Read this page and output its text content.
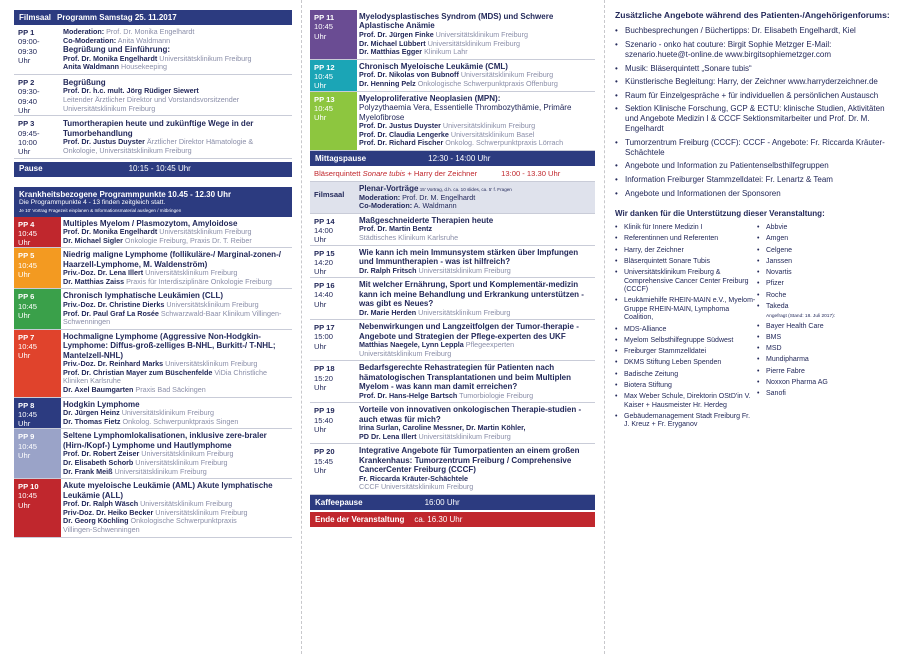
Filmsaal Programm Samstag 25. 11.2017
PP 1
09:00-
09:30
Uhr
Moderation: Prof. Dr. Monika Engelhardt
Co-Moderation: Anita Waldmann
Begrüßung und Einführung:
Prof. Dr. Monika Engelhardt Universitätsklinikum Freiburg
Anita Waldmann Housekeeping
PP 2
09:30-
09:40
Uhr
Begrüßung
Prof. Dr. h.c. mult. Jörg Rüdiger Siewert
Leitender Ärztlicher Direktor und Vorstandsvorsitzender Universitätsklinikum Freiburg
PP 3
09:45-
10:00
Uhr
Tumortherapien heute und zukünftige Wege in der Tumorbehandlung
Prof. Dr. Justus Duyster Ärztlicher Direktor Hämatologie & Onkologie, Universitätsklinikum Freiburg
Pause	10:15 - 10:45 Uhr
Krankheitsbezogene Programmpunkte 10.45 - 12.30 Uhr
Die Programmpunkte 4 - 13 finden zeitgleich statt.
Je 10' Vortrag Fragezeit einplanen & Informationsmaterial auslegen / mitbringen
PP 4
10:45
Uhr
Multiples Myelom / Plasmozytom, Amyloidose
Prof. Dr. Monika Engelhardt Universitätsklinikum Freiburg
Dr. Michael Sigler Onkologie Freiburg, Praxis Dr. T. Reiber
PP 5
10:45
Uhr
Niedrig maligne Lymphome (follikuläre-/ Marginal-zonen-/ Haarzell-Lymphome, M. Waldenström)
Priv.-Doz. Dr. Lena Illert Universitätsklinikum Freiburg
Dr. Matthias Zaiss Praxis für Interdisziplinäre Onkologie Freiburg
PP 6
10:45
Uhr
Chronisch lymphatische Leukämien (CLL)
Priv.-Doz. Dr. Christine Dierks Universitätsklinikum Freiburg
Prof. Dr. Paul Graf La Rosée Schwarzwald-Baar Klinikum Villingen-Schwenningen
PP 7
10:45
Uhr
Hochmaligne Lymphome (Aggressive Non-Hodgkin-Lymphome: Diffus-groß-zelliges B-NHL, Burkitt-/ T-NHL; Mantelzell-NHL)
Priv.-Doz. Dr. Reinhard Marks Universitätsklinikum Freiburg
Prof. Dr. Christian Mayer zum Büschenfelde ViDia Christliche
Kliniken Karlsruhe
Dr. Axel Baumgarten Praxis Bad Säckingen
PP 8
10:45
Uhr
Hodgkin Lymphome
Dr. Jürgen Heinz Universitätsklinikum Freiburg
Dr. Thomas Fietz Onkolog. Schwerpunktpraxis Singen
PP 9
10:45
Uhr
Seltene Lymphomlokalisationen, inklusive zere-braler (Hirn-/Kopf-) Lymphome und Hautlymphome
Prof. Dr. Robert Zeiser Universitätsklinikum Freiburg
Dr. Elisabeth Schorb Universitätsklinikum Freiburg
Dr. Frank Meiß Universitätsklinikum Freiburg
PP 10
10:45
Uhr
Akute myeloische Leukämie (AML) Akute lymphatische Leukämie (ALL)
Prof. Dr. Ralph Wäsch Universitätsklinikum Freiburg
Priv-Doz. Dr. Heiko Becker Universitätsklinikum Freiburg
Dr. Georg Köchling Onkologische Schwerpunktpraxis
Villingen-Schwenningen
PP 11
10:45
Uhr
Myelodysplastisches Syndrom (MDS) und Schwere Aplastische Anämie
Prof. Dr. Jürgen Finke Universitätsklinikum Freiburg
Dr. Michael Lübbert Universitätsklinikum Freiburg
Dr. Matthias Egger Klinikum Lahr
PP 12
10:45
Uhr
Chronisch Myeloische Leukämie (CML)
Prof. Dr. Nikolas von Bubnoff Universitätsklinikum Freiburg
Dr. Henning Pelz Onkologische Schwerpunktpraxis Offenburg
PP 13
10:45
Uhr
Myeloproliferative Neoplasien (MPN):
Polyzythaemia Vera, Essentielle Thrombozythämie, Primäre Myelofibrose
Prof. Dr. Justus Duyster Universitätsklinikum Freiburg
Prof. Dr. Claudia Lengerke Universitätsklinikum Basel
Prof. Dr. Richard Fischer Onkolog. Schwerpunktpraxis Lörrach
Mittagspause	12:30 - 14:00 Uhr
Bläserquintett Sonare tubis + Harry der Zeichner	13:00 - 13.30 Uhr
Filmsaal
Plenar-Vorträge 15' Vortrag, d.h. ca. 10 slides, ca. 5' f. Fragen
Moderation: Prof. Dr. M. Engelhardt
Co-Moderation: A. Waldmann
PP 14
14:00
Uhr
Maßgeschneiderte Therapien heute
Prof. Dr. Martin Bentz
Städtisches Klinikum Karlsruhe
PP 15
14:20
Uhr
Wie kann ich mein Immunsystem stärken über Impfungen und Immuntherapien - was ist hilfreich?
Dr. Ralph Fritsch Universitätsklinikum Freiburg
PP 16
14:40
Uhr
Mit welcher Ernährung, Sport und Komplementär-medizin kann ich meine Behandlung und Erkrankung unterstützen - was gibt es Neues?
Dr. Marie Herden Universitätsklinikum Freiburg
PP 17
15:00
Uhr
Nebenwirkungen und Langzeitfolgen der Tumor-therapie - Angebote und Strategien der Pflege-experten des UKF
Matthias Naegele, Lynn Leppla Pflegeexperten
Universitätsklinikum Freiburg
PP 18
15:20
Uhr
Bedarfsgerechte Rehastrategien für Patienten nach hämatologischen Transplantationen und beim Multiplen Myelom - was kann man damit erreichen?
Prof. Dr. Hans-Helge Bartsch Tumorbiologie Freiburg
PP 19
15:40
Uhr
Vorteile von innovativen onkologischen Therapie-studien - auch etwas für mich?
Irina Surlan, Caroline Messner, Dr. Martin Köhler,
PD Dr. Lena Illert Universitätsklinikum Freiburg
PP 20
15:45
Uhr
Integrative Angebote für Tumorpatienten an einem großen Krankenhaus: Tumorzentrum Freiburg / Comprehensive CancerCenter Freiburg (CCCF)
Fr. Riccarda Kräuter-Schächtele
CCCF Universitätsklinikum Freiburg
Kaffeepause	16:00 Uhr
Ende der Veranstaltung ca. 16.30 Uhr
Zusätzliche Angebote während des Patienten-/Angehörigenforums:
• Buchbesprechungen / Büchertipps: Dr. Elisabeth Engelhardt, Kiel
• Szenario - onko hat couture: Birgit Sophie Metzger E-Mail: szenario.huete@t-online.de www.birgitsophiemetzger.com
• Musik: Bläserquintett „Sonare tubis“
• Künstlerische Begleitung: Harry, der Zeichner www.harryderzeichner.de
• Raum für Einzelgespräche + für individuellen & persönlichen Austausch
• Sektion Klinische Forschung, GCP & ECTU: klinische Studien, Aktivitäten und Angebote Medizin I & CCCF Sektionsmitarbeiter und Prof. Dr. M. Engelhardt
• Tumorzentrum Freiburg (CCCF): CCCF - Angebote: Fr. Riccarda Kräuter-Schächtele
• Angebote und Information zu Patientenselbsthilfegruppen
• Information Freiburger Stammzelldatei: Fr. Lenartz & Team
• Angebote und Informationen der Sponsoren
Wir danken für die Unterstützung dieser Veranstaltung:
• Klinik für Innere Medizin I
• Referentinnen und Referenten
• Harry, der Zeichner
• Bläserquintett Sonare Tubis
• Universitätsklinikum Freiburg & Comprehensive Cancer Center Freiburg (CCCF)
• Leukämiehilfe RHEIN-MAIN e.V., Myelom-Gruppe RHEIN-MAIN, Lymphoma Coalition,
• MDS-Alliance
• Myelom Selbsthilfegruppe Südwest
• Freiburger Stammzelldatei
• DKMS Stiftung Leben Spenden
• Badische Zeitung
• Biotera Stiftung
• Max Weber Schule, Direktorin OStD'in V. Kaiser + Hausmeister Hr. Herdeg
• Gebäudemanagement Stadt Freiburg Fr. J. Kreuz + Fr. Eryganov
• Abbvie
• Amgen
• Celgene
• Janssen
• Novartis
• Pfizer
• Roche
• Takeda
Angefragt (Stand: 18. Juli 2017):
• Bayer Health Care
• BMS
• MSD
• Mundipharma
• Pierre Fabre
• Noxxon Pharma AG
• Sanofi
